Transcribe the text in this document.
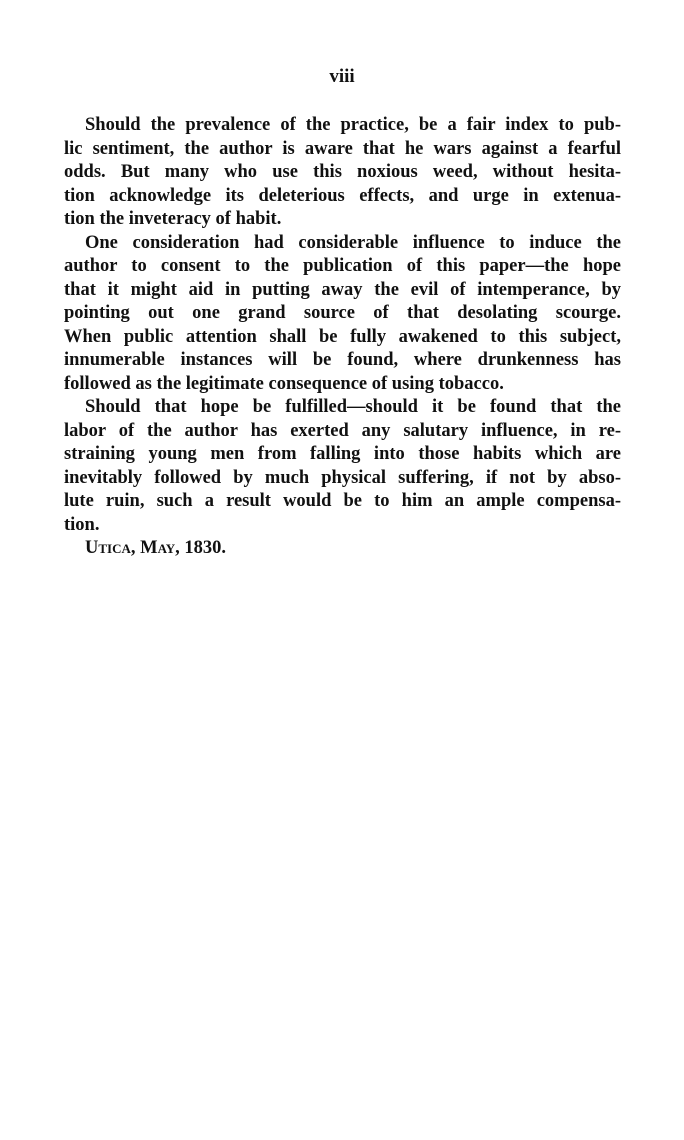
viii
Should the prevalence of the practice, be a fair index to pub-
lic sentiment, the author is aware that he wars against a fearful
odds. But many who use this noxious weed, without hesita-
tion acknowledge its deleterious effects, and urge in extenua-
tion the inveteracy of habit.
One consideration had considerable influence to induce the
author to consent to the publication of this paper—the hope
that it might aid in putting away the evil of intemperance, by
pointing out one grand source of that desolating scourge.
When public attention shall be fully awakened to this subject,
innumerable instances will be found, where drunkenness has
followed as the legitimate consequence of using tobacco.
Should that hope be fulfilled—should it be found that the
labor of the author has exerted any salutary influence, in re-
straining young men from falling into those habits which are
inevitably followed by much physical suffering, if not by abso-
lute ruin, such a result would be to him an ample compensa-
tion.
Utica, May, 1830.
